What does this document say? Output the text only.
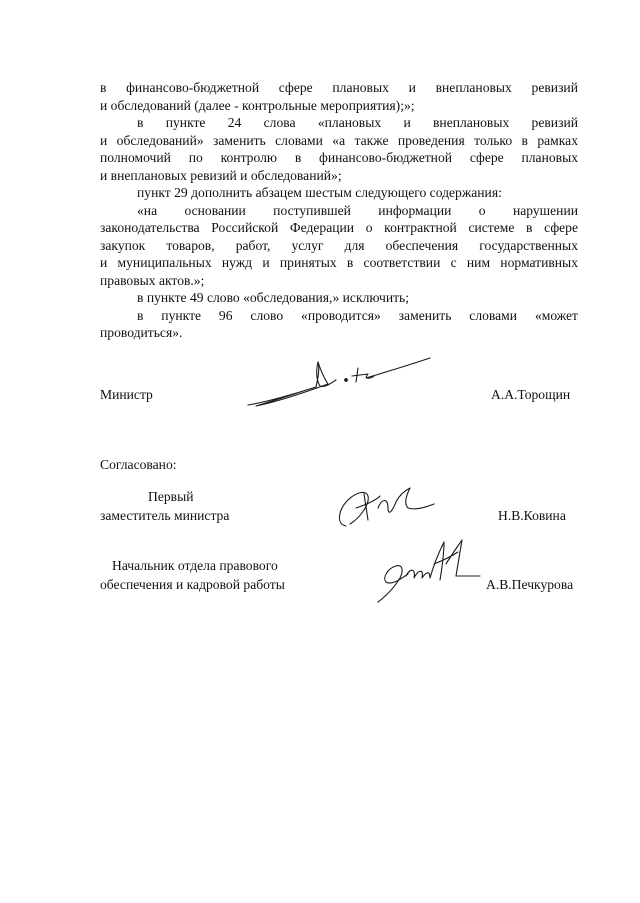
в финансово-бюджетной сфере плановых и внеплановых ревизий
и обследований (далее - контрольные мероприятия);»;
в пункте 24 слова «плановых и внеплановых ревизий
и обследований» заменить словами «а также проведения только в рамках
полномочий по контролю в финансово-бюджетной сфере плановых
и внеплановых ревизий и обследований»;
пункт 29 дополнить абзацем шестым следующего содержания:
«на основании поступившей информации о нарушении
законодательства Российской Федерации о контрактной системе в сфере
закупок товаров, работ, услуг для обеспечения государственных
и муниципальных нужд и принятых в соответствии с ним нормативных
правовых актов.»;
в пункте 49 слово «обследования,» исключить;
в пункте 96 слово «проводится» заменить словами «может
проводиться».
Министр	А.А.Торощин
Согласовано:
Первый
заместитель министра	Н.В.Ковина
Начальник отдела правового
обеспечения и кадровой работы	А.В.Печкурова
